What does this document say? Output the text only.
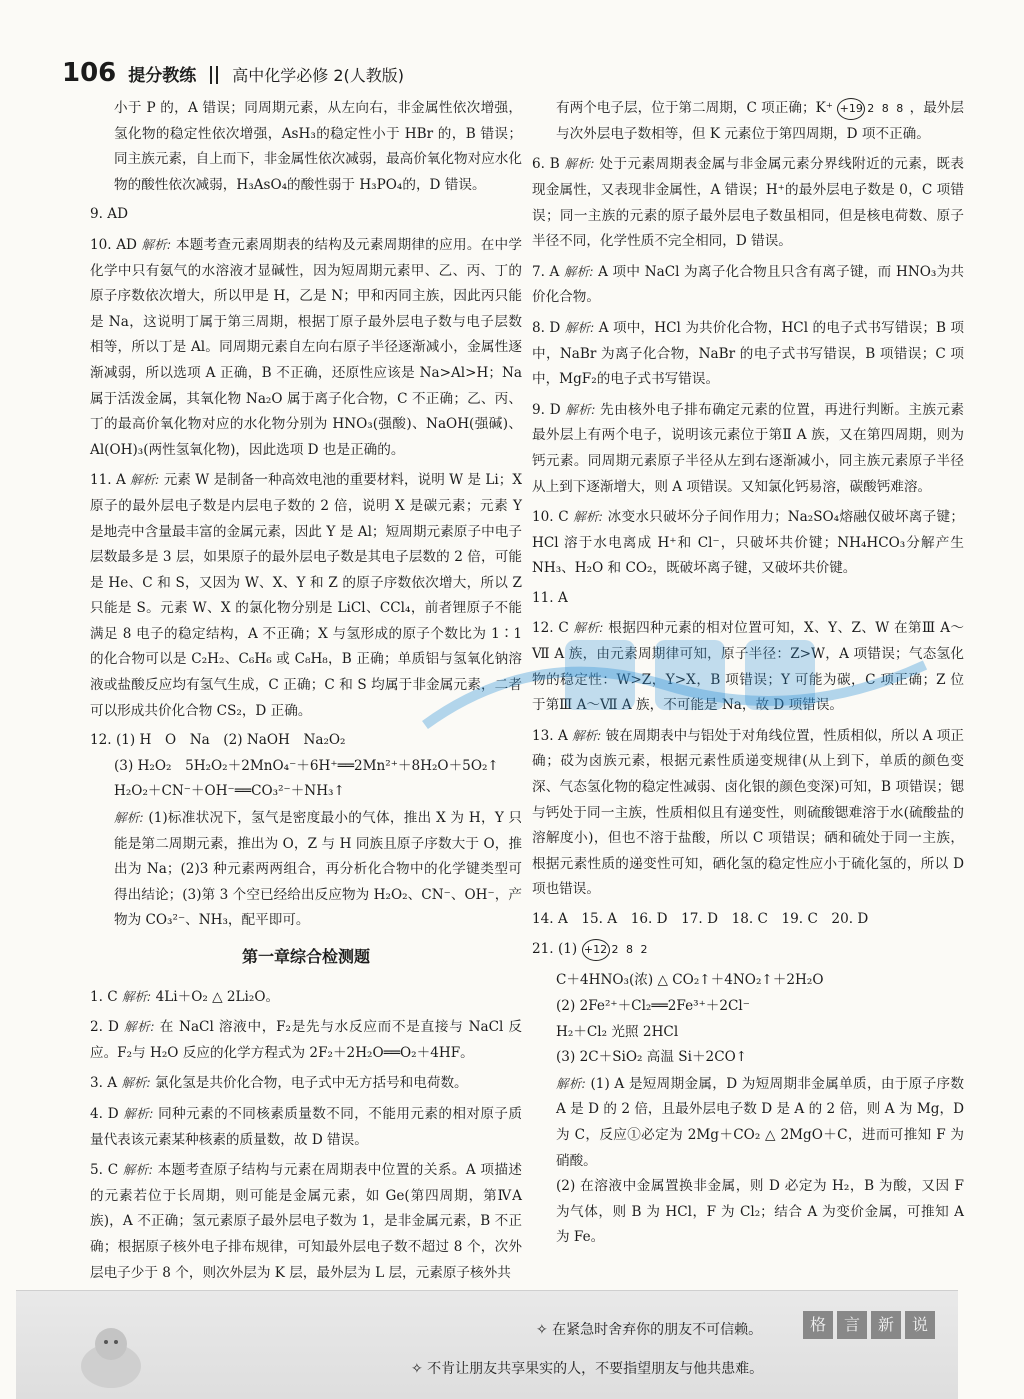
106 提分教练 高中化学必修 2(人教版)
小于 P 的，A 错误；同周期元素，从左向右，非金属性依次增强，氢化物的稳定性依次增强，AsH₃的稳定性小于 HBr 的，B 错误；同主族元素，自上而下，非金属性依次减弱，最高价氧化物对应水化物的酸性依次减弱，H₃AsO₄的酸性弱于 H₃PO₄的，D 错误。
9. AD
10. AD 解析: 本题考查元素周期表的结构及元素周期律的应用。在中学化学中只有氨气的水溶液才显碱性，因为短周期元素甲、乙、丙、丁的原子序数依次增大，所以甲是 H，乙是 N；甲和丙同主族，因此丙只能是 Na，这说明丁属于第三周期，根据丁原子最外层电子数与电子层数相等，所以丁是 Al。同周期元素自左向右原子半径逐渐减小，金属性逐渐减弱，所以选项 A 正确，B 不正确，还原性应该是 Na>Al>H；Na 属于活泼金属，其氧化物 Na₂O 属于离子化合物，C 不正确；乙、丙、丁的最高价氧化物对应的水化物分别为 HNO₃(强酸)、NaOH(强碱)、Al(OH)₃(两性氢氧化物)，因此选项 D 也是正确的。
11. A 解析: 元素 W 是制备一种高效电池的重要材料，说明 W 是 Li；X 原子的最外层电子数是内层电子数的 2 倍，说明 X 是碳元素；元素 Y 是地壳中含量最丰富的金属元素，因此 Y 是 Al；短周期元素原子中电子层数最多是 3 层，如果原子的最外层电子数是其电子层数的 2 倍，可能是 He、C 和 S，又因为 W、X、Y 和 Z 的原子序数依次增大，所以 Z 只能是 S。元素 W、X 的氯化物分别是 LiCl、CCl₄，前者锂原子不能满足 8 电子的稳定结构，A 不正确；X 与氢形成的原子个数比为 1∶1 的化合物可以是 C₂H₂、C₆H₆ 或 C₈H₈，B 正确；单质铝与氢氧化钠溶液或盐酸反应均有氢气生成，C 正确；C 和 S 均属于非金属元素，二者可以形成共价化合物 CS₂，D 正确。
12. (1) H　O　Na　(2) NaOH　Na₂O₂
(3) H₂O₂　5H₂O₂＋2MnO₄⁻＋6H⁺══2Mn²⁺＋8H₂O＋5O₂↑
H₂O₂＋CN⁻＋OH⁻══CO₃²⁻＋NH₃↑
解析: (1)标准状况下，氢气是密度最小的气体，推出 X 为 H，Y 只能是第二周期元素，推出为 O，Z 与 H 同族且原子序数大于 O，推出为 Na；(2)3 种元素两两组合，再分析化合物中的化学键类型可得出结论；(3)第 3 个空已经给出反应物为 H₂O₂、CN⁻、OH⁻，产物为 CO₃²⁻、NH₃，配平即可。
第一章综合检测题
1. C 解析: 4Li＋O₂ △ 2Li₂O。
2. D 解析: 在 NaCl 溶液中，F₂是先与水反应而不是直接与 NaCl 反应。F₂与 H₂O 反应的化学方程式为 2F₂＋2H₂O══O₂＋4HF。
3. A 解析: 氯化氢是共价化合物，电子式中无方括号和电荷数。
4. D 解析: 同种元素的不同核素质量数不同，不能用元素的相对原子质量代表该元素某种核素的质量数，故 D 错误。
5. C 解析: 本题考查原子结构与元素在周期表中位置的关系。A 项描述的元素若位于长周期，则可能是金属元素，如 Ge(第四周期，第ⅣA 族)，A 不正确；氢元素原子最外层电子数为 1，是非金属元素，B 不正确；根据原子核外电子排布规律，可知最外层电子数不超过 8 个，次外层电子少于 8 个，则次外层为 K 层，最外层为 L 层，元素原子核外共
有两个电子层，位于第二周期，C 项正确；K⁺ +19 2 8 8 ，最外层与次外层电子数相等，但 K 元素位于第四周期，D 项不正确。
6. B 解析: 处于元素周期表金属与非金属元素分界线附近的元素，既表现金属性，又表现非金属性，A 错误；H⁺的最外层电子数是 0，C 项错误；同一主族的元素的原子最外层电子数虽相同，但是核电荷数、原子半径不同，化学性质不完全相同，D 错误。
7. A 解析: A 项中 NaCl 为离子化合物且只含有离子键，而 HNO₃为共价化合物。
8. D 解析: A 项中，HCl 为共价化合物，HCl 的电子式书写错误；B 项中，NaBr 为离子化合物，NaBr 的电子式书写错误，B 项错误；C 项中，MgF₂的电子式书写错误。
9. D 解析: 先由核外电子排布确定元素的位置，再进行判断。主族元素最外层上有两个电子，说明该元素位于第Ⅱ A 族，又在第四周期，则为钙元素。同周期元素原子半径从左到右逐渐减小，同主族元素原子半径从上到下逐渐增大，则 A 项错误。又知氯化钙易溶，碳酸钙难溶。
10. C 解析: 冰变水只破坏分子间作用力；Na₂SO₄熔融仅破坏离子键；HCl 溶于水电离成 H⁺和 Cl⁻，只破坏共价键；NH₄HCO₃分解产生 NH₃、H₂O 和 CO₂，既破坏离子键，又破坏共价键。
11. A
12. C 解析: 根据四种元素的相对位置可知，X、Y、Z、W 在第Ⅲ A～Ⅶ A 族，由元素周期律可知，原子半径：Z>W，A 项错误；气态氢化物的稳定性：W>Z，Y>X，B 项错误；Y 可能为碳，C 项正确；Z 位于第Ⅲ A～Ⅶ A 族，不可能是 Na，故 D 项错误。
13. A 解析: 铍在周期表中与铝处于对角线位置，性质相似，所以 A 项正确；砹为卤族元素，根据元素性质递变规律(从上到下，单质的颜色变深、气态氢化物的稳定性减弱、卤化银的颜色变深)可知，B 项错误；锶与钙处于同一主族，性质相似且有递变性，则硫酸锶难溶于水(硫酸盐的溶解度小)，但也不溶于盐酸，所以 C 项错误；硒和硫处于同一主族，根据元素性质的递变性可知，硒化氢的稳定性应小于硫化氢的，所以 D 项也错误。
14. A　15. A　16. D　17. D　18. C　19. C　20. D
21. (1) +12 2 8 2
C＋4HNO₃(浓) △ CO₂↑＋4NO₂↑＋2H₂O
(2) 2Fe²⁺＋Cl₂══2Fe³⁺＋2Cl⁻
H₂＋Cl₂ 光照 2HCl
(3) 2C＋SiO₂ 高温 Si＋2CO↑
解析: (1) A 是短周期金属，D 为短周期非金属单质，由于原子序数 A 是 D 的 2 倍，且最外层电子数 D 是 A 的 2 倍，则 A 为 Mg，D 为 C，反应①必定为 2Mg＋CO₂ △ 2MgO＋C，进而可推知 F 为硝酸。
(2) 在溶液中金属置换非金属，则 D 必定为 H₂，B 为酸，又因 F 为气体，则 B 为 HCl，F 为 Cl₂；结合 A 为变价金属，可推知 A 为 Fe。
✧ 在紧急时舍弃你的朋友不可信赖。
✧ 不肯让朋友共享果实的人，不要指望朋友与他共患难。
格	言	新	说
